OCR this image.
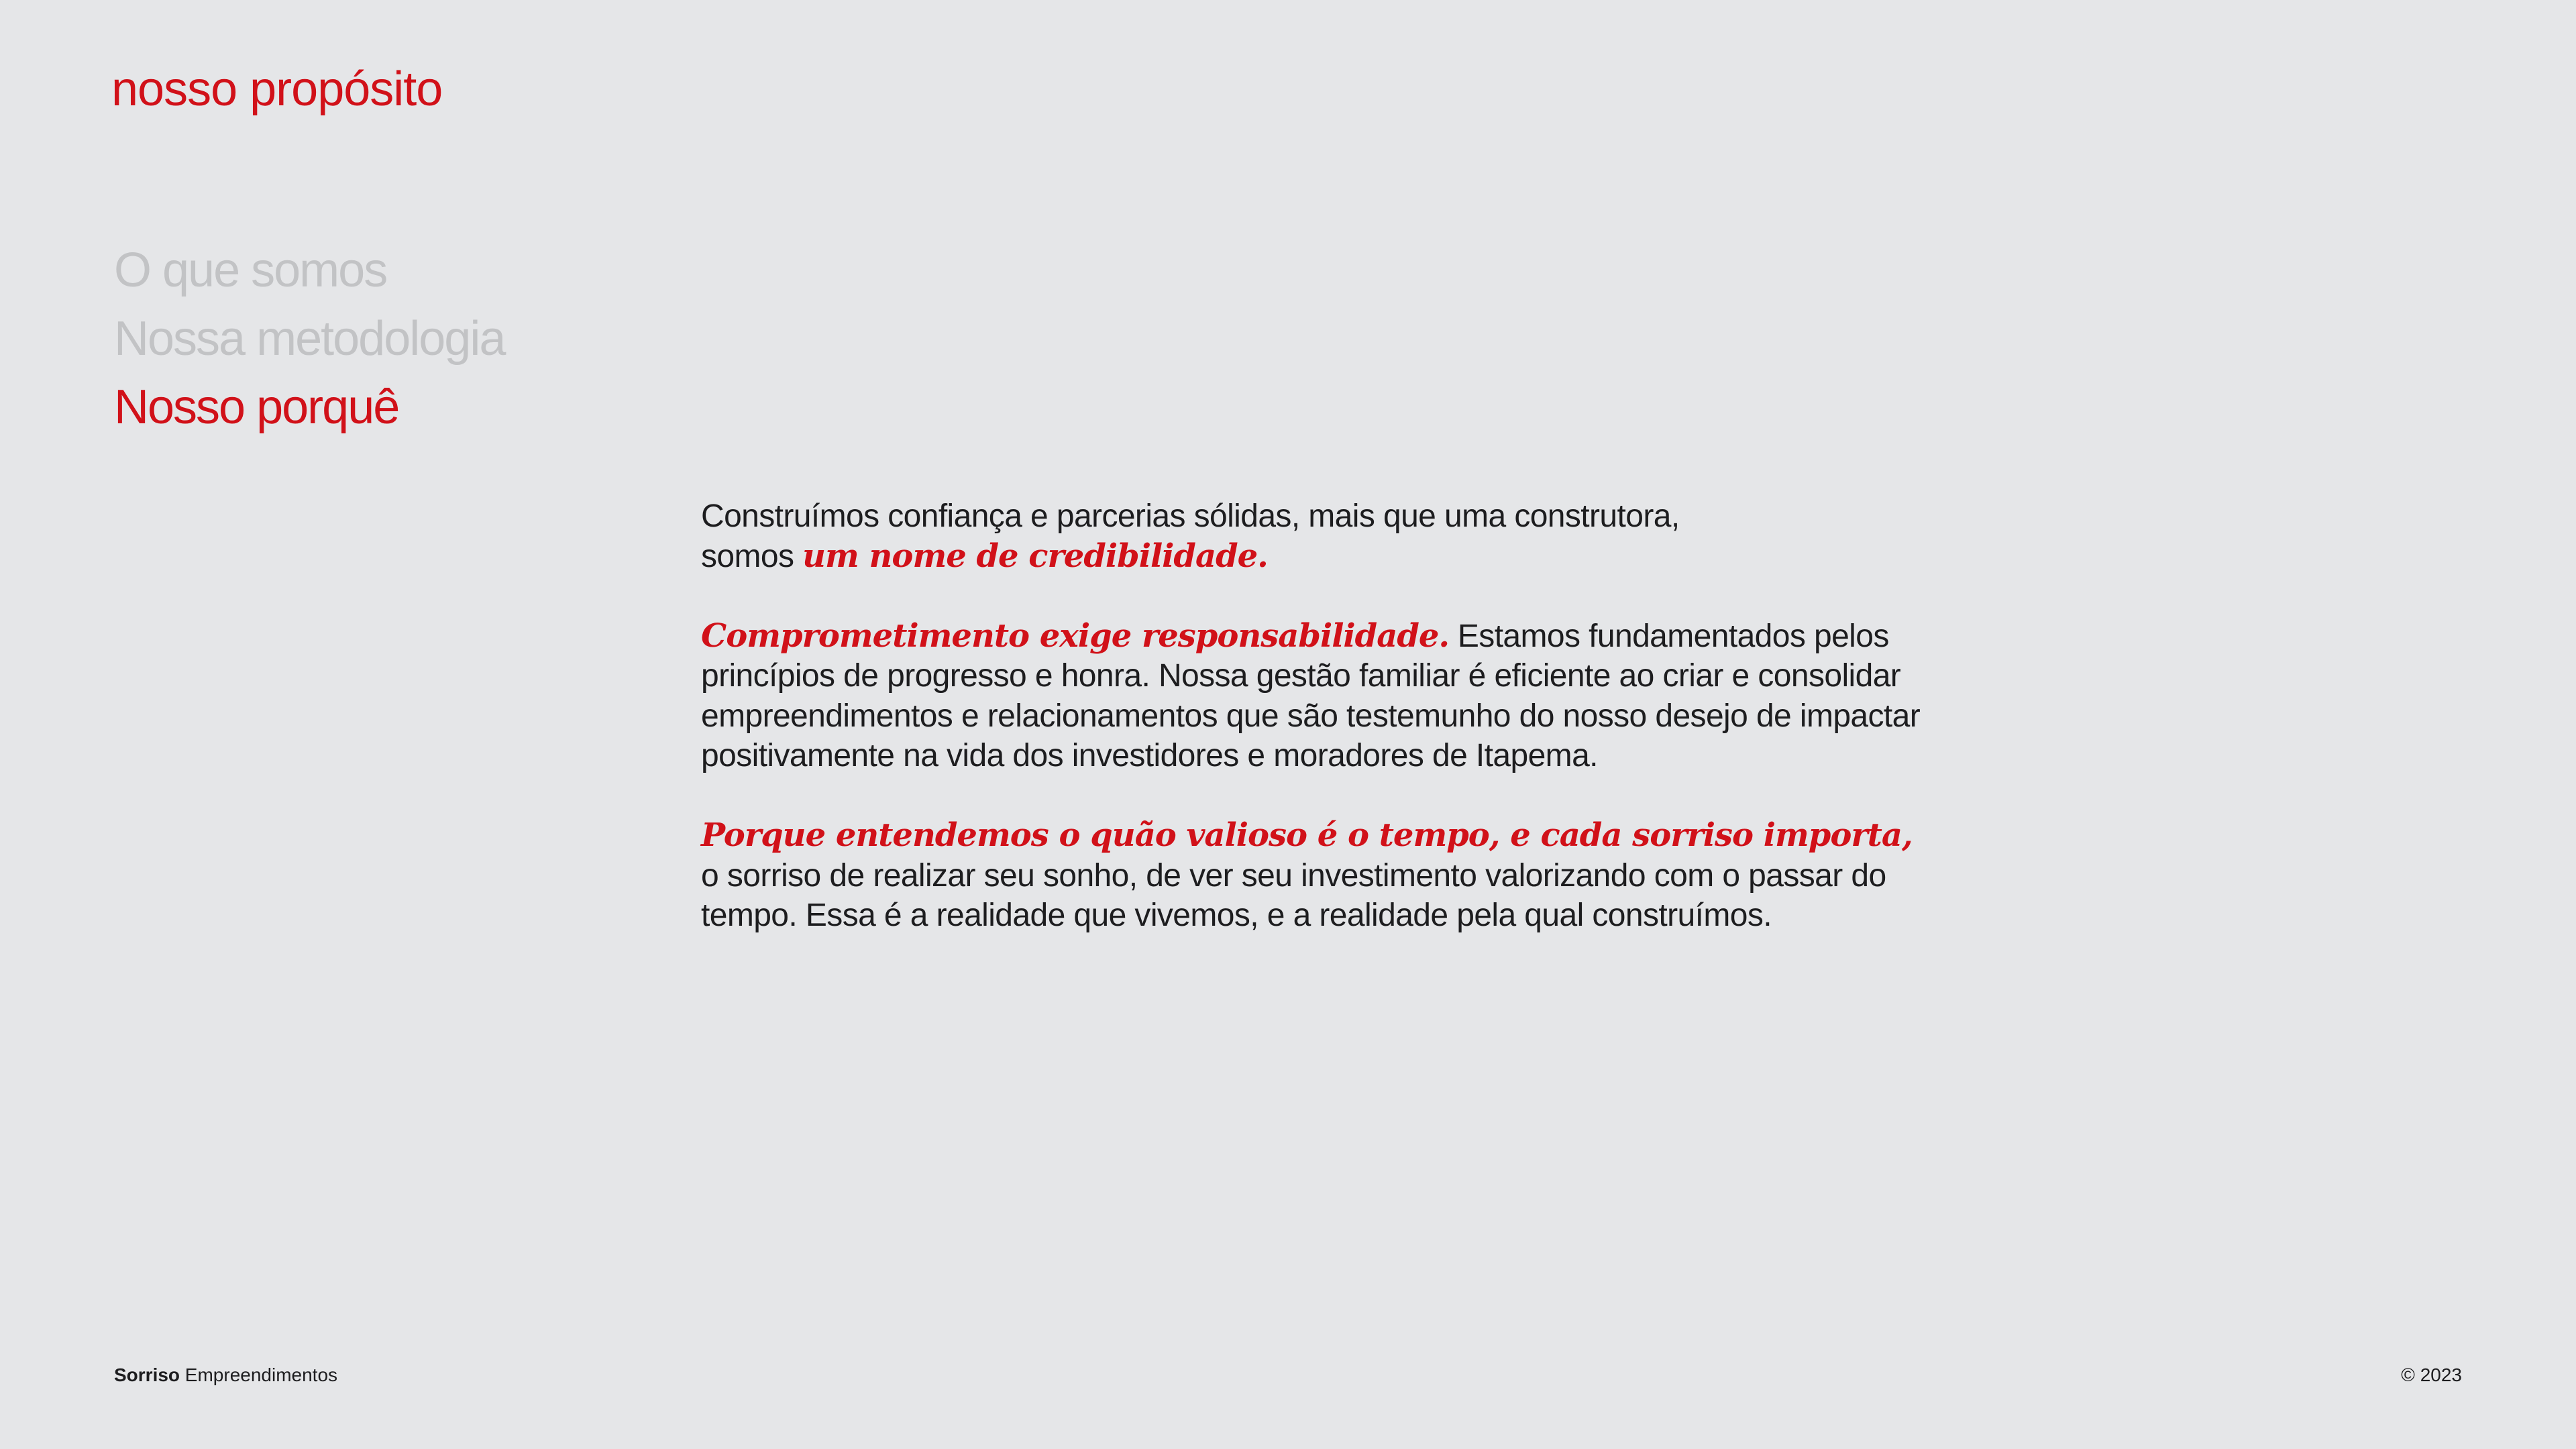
nosso propósito
O que somos
Nossa metodologia
Nosso porquê

Construímos confiança e parcerias sólidas, mais que uma construtora,
somos um nome de credibilidade.

Comprometimento exige responsabilidade. Estamos fundamentados pelos princípios de progresso e honra. Nossa gestão familiar é eficiente ao criar e consolidar empreendimentos e relacionamentos que são testemunho do nosso desejo de impactar positivamente na vida dos investidores e moradores de Itapema.

Porque entendemos o quão valioso é o tempo, e cada sorriso importa, o sorriso de realizar seu sonho, de ver seu investimento valorizando com o passar do tempo. Essa é a realidade que vivemos, e a realidade pela qual construímos.

Sorriso Empreendimentos	© 2023
